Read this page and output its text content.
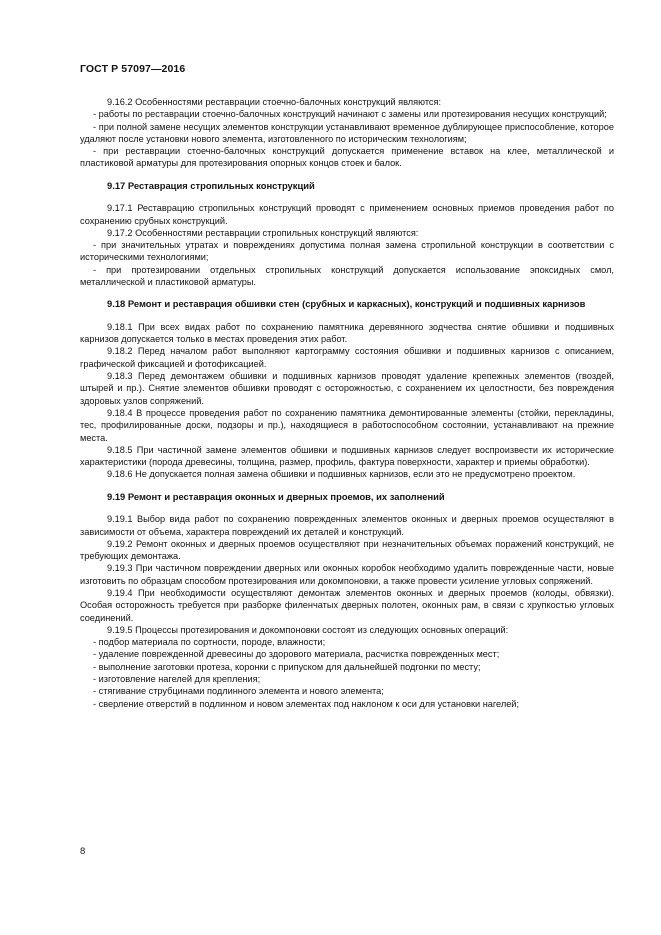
ГОСТ Р 57097—2016

9.16.2 Особенностями реставрации стоечно-балочных конструкций являются:

- работы по реставрации стоечно-балочных конструкций начинают с замены или протезирования несущих конструкций;

- при полной замене несущих элементов конструкции устанавливают временное дублирующее приспособление, которое удаляют после установки нового элемента, изготовленного по историческим технологиям;

- при реставрации стоечно-балочных конструкций допускается применение вставок на клее, металлической и пластиковой арматуры для протезирования опорных концов стоек и балок.

9.17 Реставрация стропильных конструкций

9.17.1 Реставрацию стропильных конструкций проводят с применением основных приемов проведения работ по сохранению срубных конструкций.

9.17.2 Особенностями реставрации стропильных конструкций являются:

- при значительных утратах и повреждениях допустима полная замена стропильной конструкции в соответствии с историческими технологиями;

- при протезировании отдельных стропильных конструкций допускается использование эпоксидных смол, металлической и пластиковой арматуры.

9.18 Ремонт и реставрация обшивки стен (срубных и каркасных), конструкций и подшивных карнизов

9.18.1 При всех видах работ по сохранению памятника деревянного зодчества снятие обшивки и подшивных карнизов допускается только в местах проведения этих работ.

9.18.2 Перед началом работ выполняют картограмму состояния обшивки и подшивных карнизов с описанием, графической фиксацией и фотофиксацией.

9.18.3 Перед демонтажем обшивки и подшивных карнизов проводят удаление крепежных элементов (гвоздей, штырей и пр.). Снятие элементов обшивки проводят с осторожностью, с сохранением их целостности, без повреждения здоровых узлов сопряжений.

9.18.4 В процессе проведения работ по сохранению памятника демонтированные элементы (стойки, перекладины, тес, профилированные доски, подзоры и пр.), находящиеся в работоспособном состоянии, устанавливают на прежние места.

9.18.5 При частичной замене элементов обшивки и подшивных карнизов следует воспроизвести их исторические характеристики (порода древесины, толщина, размер, профиль, фактура поверхности, характер и приемы обработки).

9.18.6 Не допускается полная замена обшивки и подшивных карнизов, если это не предусмотрено проектом.

9.19 Ремонт и реставрация оконных и дверных проемов, их заполнений

9.19.1 Выбор вида работ по сохранению поврежденных элементов оконных и дверных проемов осуществляют в зависимости от объема, характера повреждений их деталей и конструкций.

9.19.2 Ремонт оконных и дверных проемов осуществляют при незначительных объемах поражений конструкций, не требующих демонтажа.

9.19.3 При частичном повреждении дверных или оконных коробок необходимо удалить поврежденные части, новые изготовить по образцам способом протезирования или докомпоновки, а также провести усиление угловых сопряжений.

9.19.4 При необходимости осуществляют демонтаж элементов оконных и дверных проемов (колоды, обвязки). Особая осторожность требуется при разборке филенчатых дверных полотен, оконных рам, в связи с хрупкостью угловых соединений.

9.19.5 Процессы протезирования и докомпоновки состоят из следующих основных операций:

- подбор материала по сортности, породе, влажности;

- удаление поврежденной древесины до здорового материала, расчистка поврежденных мест;

- выполнение заготовки протеза, коронки с припуском для дальнейшей подгонки по месту;

- изготовление нагелей для крепления;

- стягивание струбцинами подлинного элемента и нового элемента;

- сверление отверстий в подлинном и новом элементах под наклоном к оси для установки нагелей;

8
